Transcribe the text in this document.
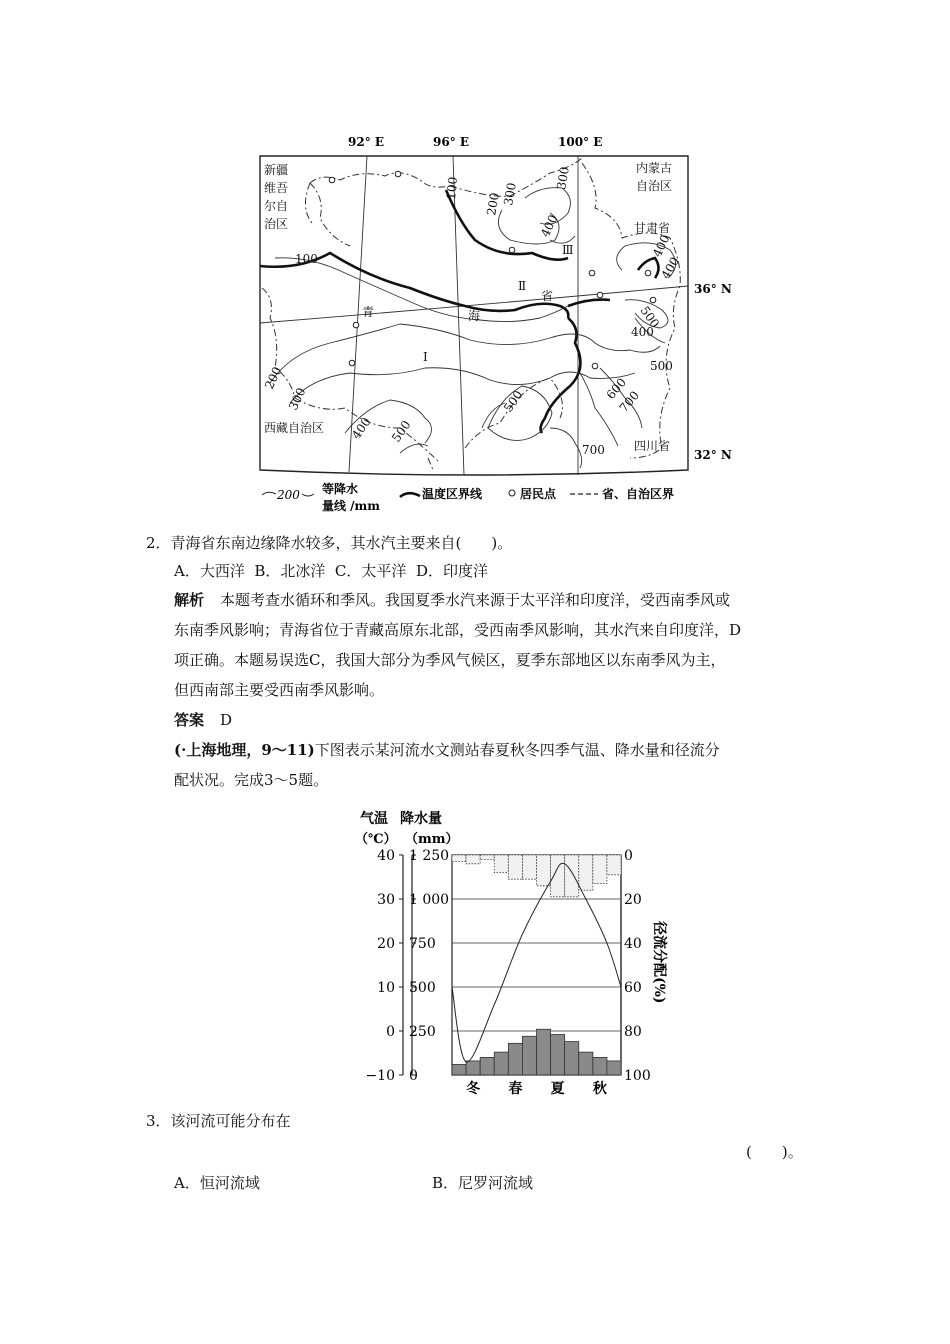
92° E	96° E	100° E
100
100
200 300
300
400
400
400
500
600
700
200
300
400 500
400
500
500
700
新疆
维吾
尔自
治区
内蒙古
自治区
甘肃省
西藏自治区
四川省
青	海
省
Ⅰ
Ⅱ
Ⅲ
36° N
32° N
200 等降水
量线 /mm
温度区界线	居民点	省、自治区界
2．青海省东南边缘降水较多，其水汽主要来自(　　)。
A．大西洋  B．北冰洋  C．太平洋  D．印度洋
解析 本题考查水循环和季风。我国夏季水汽来源于太平洋和印度洋，受西南季风或
东南季风影响；青海省位于青藏高原东北部，受西南季风影响，其水汽来自印度洋，D
项正确。本题易误选C，我国大部分为季风气候区，夏季东部地区以东南季风为主，
但西南部主要受西南季风影响。
答案 D
(·上海地理，9～11)下图表示某河流水文测站春夏秋冬四季气温、降水量和径流分
配状况。完成3～5题。
气温
（℃）
降水量
（mm）
径流分配(%)
40 1 250	0
30 1 000	20
20 750	40
10 500	60
0 250	80
−10 0	100
冬 春 夏 秋
3．该河流可能分布在
(　　)。
A．恒河流域	B．尼罗河流域
